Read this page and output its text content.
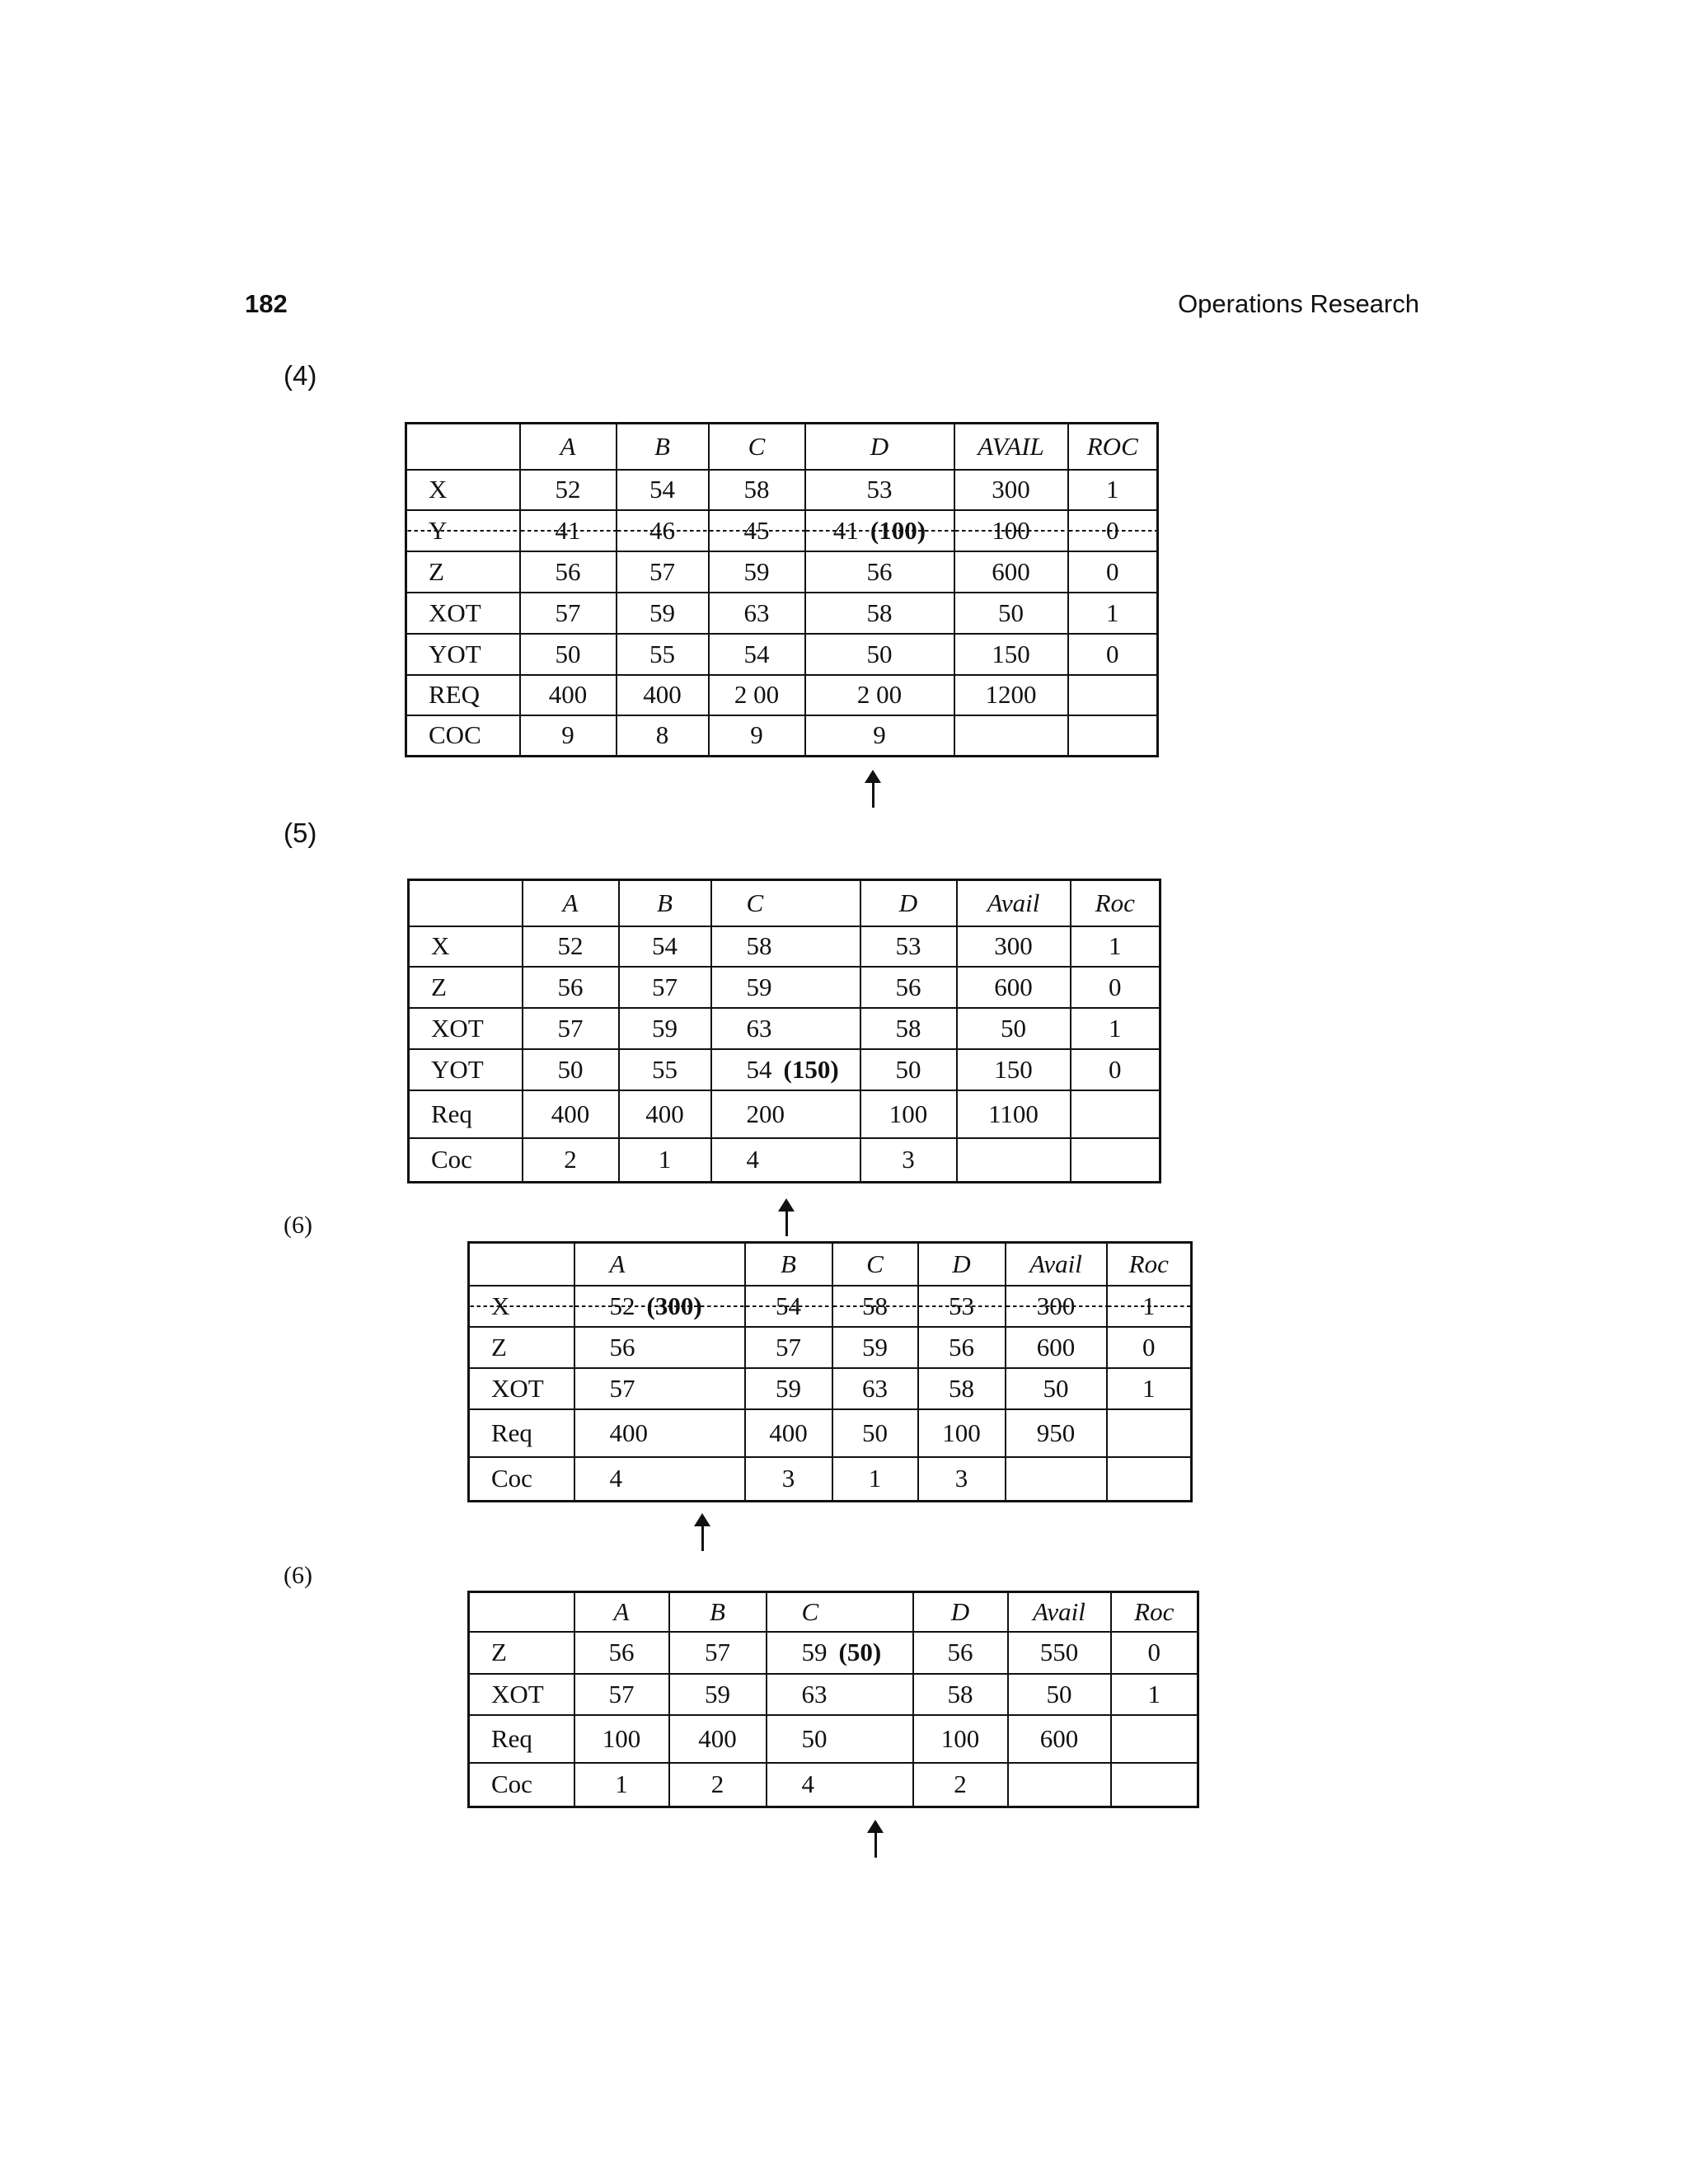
182	Operations Research
(4)
	A	B	C	D	AVAIL	ROC
X	52	54	58	53	300	1
Y	41	46	45	41 (100)	100	0
Z	56	57	59	56	600	0
XOT	57	59	63	58	50	1
YOT	50	55	54	50	150	0
REQ	400	400	2 00	2 00	1200	
COC	9	8	9	9		
(5)
	A	B	C	D	Avail	Roc
X	52	54	58	53	300	1
Z	56	57	59	56	600	0
XOT	57	59	63	58	50	1
YOT	50	55	54 (150)	50	150	0
Req	400	400	200	100	1100	
Coc	2	1	4	3		
(6)
	A	B	C	D	Avail	Roc
X	52 (300)	54	58	53	300	1
Z	56	57	59	56	600	0
XOT	57	59	63	58	50	1
Req	400	400	50	100	950	
Coc	4	3	1	3		
(6)
	A	B	C	D	Avail	Roc
Z	56	57	59 (50)	56	550	0
XOT	57	59	63	58	50	1
Req	100	400	50	100	600	
Coc	1	2	4	2		
